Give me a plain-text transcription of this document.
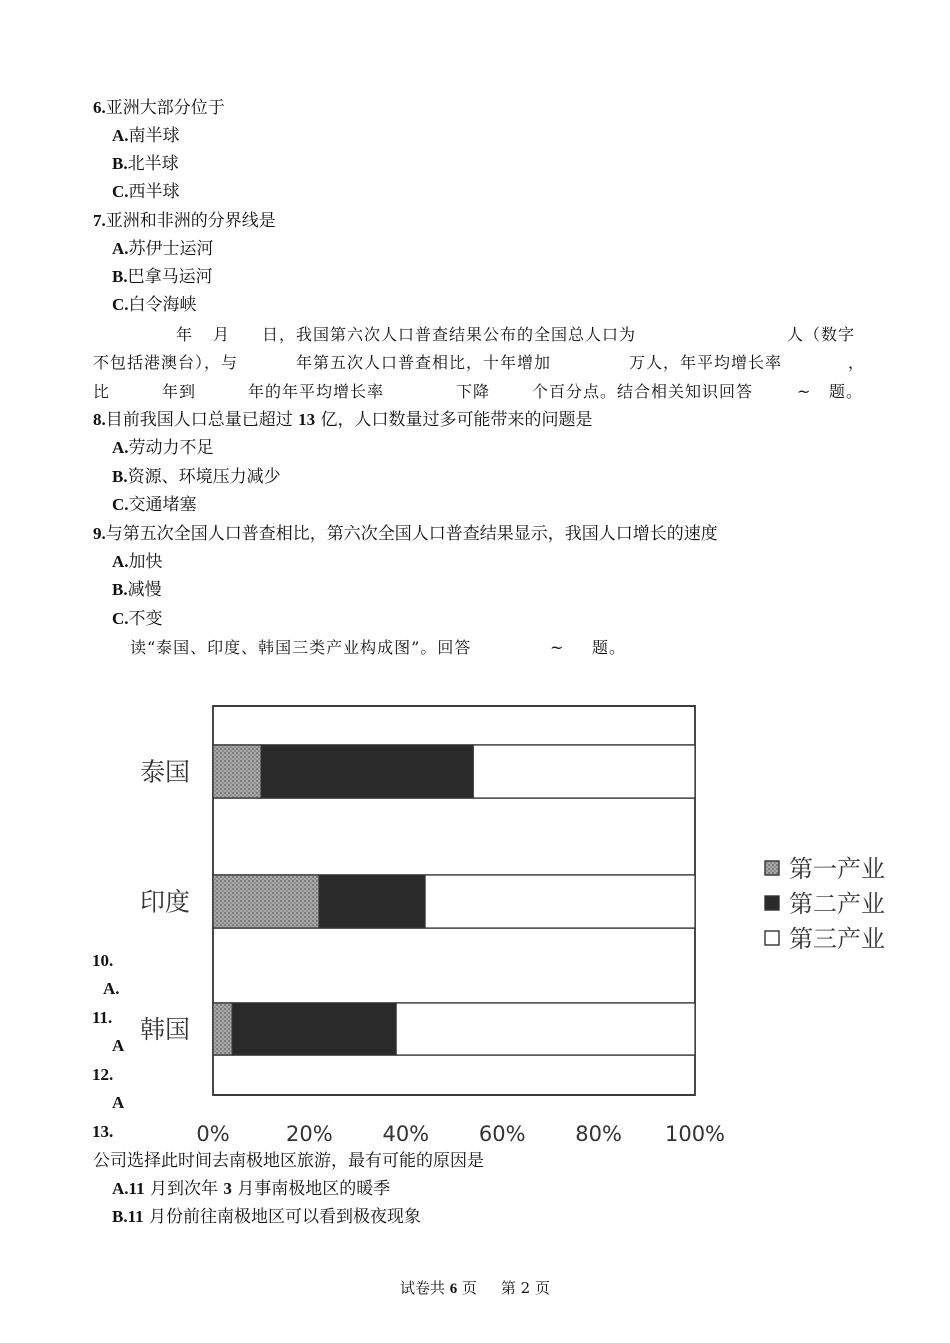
6.亚洲大部分位于
A.南半球
B.北半球
C.西半球
7.亚洲和非洲的分界线是
A.苏伊士运河
B.巴拿马运河
C.白令海峡
年 月 日，我国第六次人口普查结果公布的全国总人口为	人（数字
不包括港澳台），与	年第五次人口普查相比，十年增加	万人，年平均增长率	，
比	年到	年的年平均增长率	下降	个百分点。结合相关知识回答	~ 题。
8.目前我国人口总量已超过 13 亿，人口数量过多可能带来的问题是
A.劳动力不足
B.资源、环境压力减少
C.交通堵塞
9.与第五次全国人口普查相比，第六次全国人口普查结果显示，我国人口增长的速度
A.加快
B.减慢
C.不变
读“泰国、印度、韩国三类产业构成图”。回答	~ 题。
10.
A.
11.
A
12.
A
13.
泰国
印度
韩国
0%	20% 40% 60% 80% 100%
第一产业
第二产业
第三产业
公司选择此时间去南极地区旅游，最有可能的原因是
A.11 月到次年 3 月事南极地区的暖季
B.11 月份前往南极地区可以看到极夜现象
试卷共 6 页 第 2 页
